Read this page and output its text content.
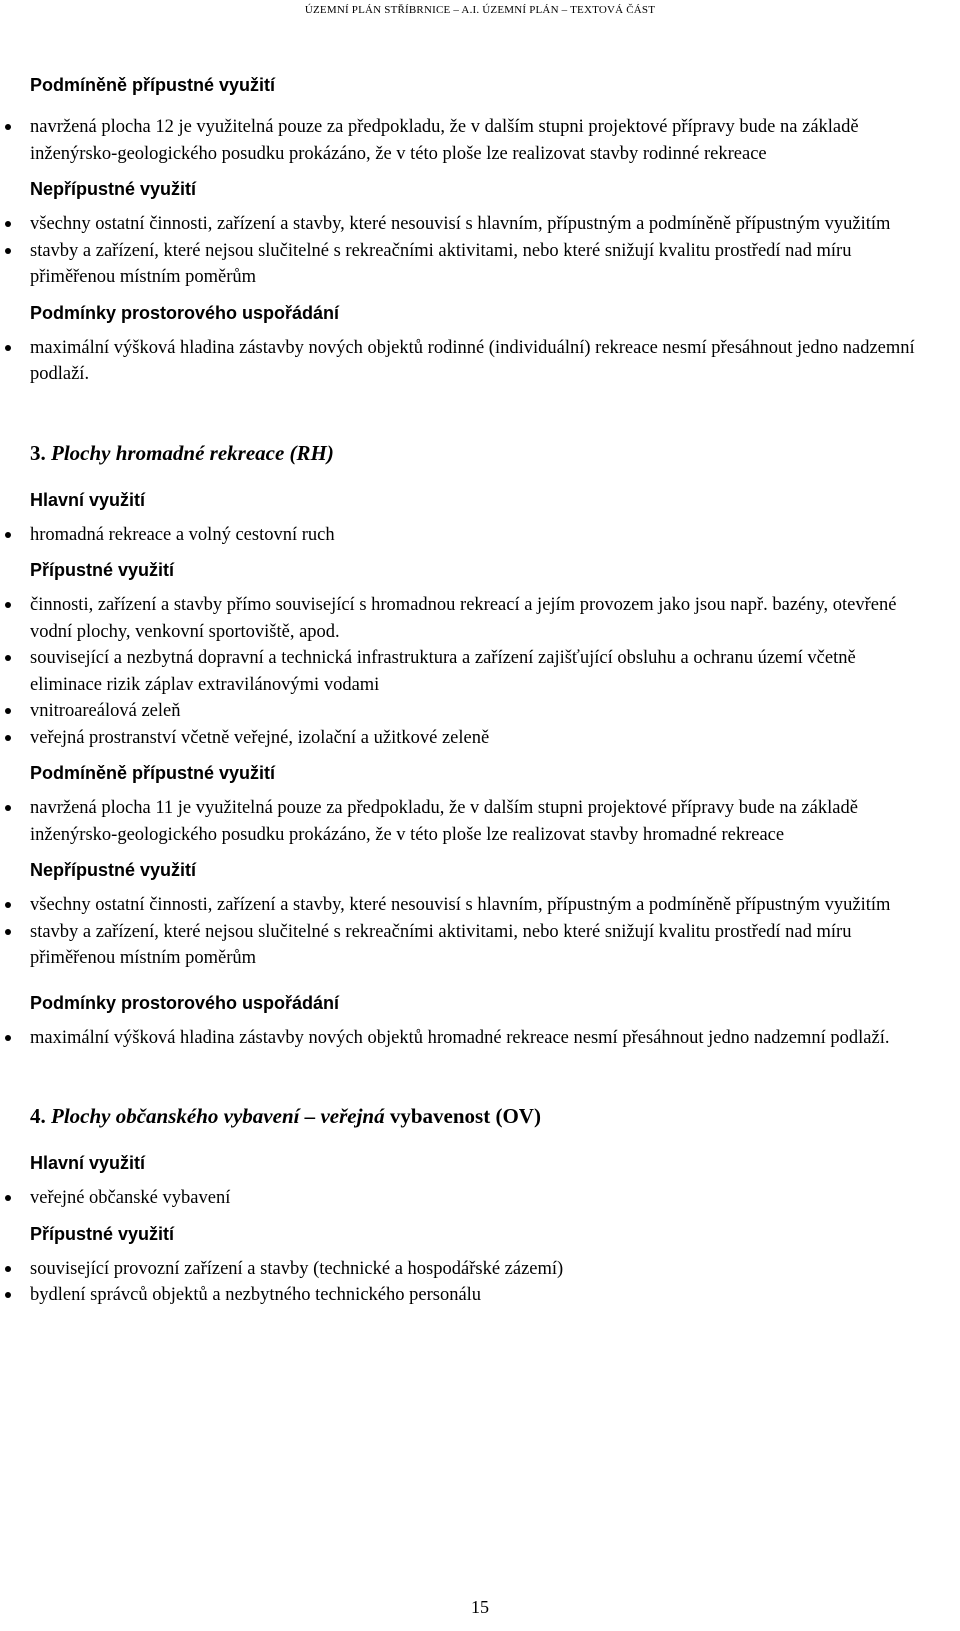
ÚZEMNÍ PLÁN STŘÍBRNICE – A.I. ÚZEMNÍ PLÁN – TEXTOVÁ ČÁST

Podmíněně přípustné využití

navržená plocha 12 je využitelná pouze za předpokladu, že v dalším stupni projektové přípravy bude na základě inženýrsko-geologického posudku prokázáno, že v této ploše lze realizovat stavby rodinné rekreace

Nepřípustné využití

všechny ostatní činnosti, zařízení a stavby, které nesouvisí s hlavním, přípustným a podmíněně přípustným využitím
stavby a zařízení, které nejsou slučitelné s rekreačními aktivitami, nebo které snižují kvalitu prostředí nad míru přiměřenou místním poměrům

Podmínky prostorového uspořádání

maximální výšková hladina zástavby nových objektů rodinné (individuální) rekreace nesmí přesáhnout jedno nadzemní podlaží.

3. Plochy hromadné rekreace (RH)

Hlavní využití

hromadná rekreace a volný cestovní ruch

Přípustné využití

činnosti, zařízení a stavby přímo související s hromadnou rekreací a jejím provozem jako jsou např. bazény, otevřené vodní plochy, venkovní sportoviště, apod.
související a nezbytná dopravní a technická infrastruktura a zařízení zajišťující obsluhu a ochranu území včetně eliminace rizik záplav extravilánovými vodami
vnitroareálová zeleň
veřejná prostranství včetně veřejné, izolační a užitkové zeleně

Podmíněně přípustné využití

navržená plocha 11 je využitelná pouze za předpokladu, že v dalším stupni projektové přípravy bude na základě inženýrsko-geologického posudku prokázáno, že v této ploše lze realizovat stavby hromadné rekreace

Nepřípustné využití

všechny ostatní činnosti, zařízení a stavby, které nesouvisí s hlavním, přípustným a podmíněně přípustným využitím
stavby a zařízení, které nejsou slučitelné s rekreačními aktivitami, nebo které snižují kvalitu prostředí nad míru přiměřenou místním poměrům

Podmínky prostorového uspořádání

maximální výšková hladina zástavby nových objektů hromadné rekreace nesmí přesáhnout jedno nadzemní podlaží.

4. Plochy občanského vybavení – veřejná vybavenost (OV)

Hlavní využití

veřejné občanské vybavení

Přípustné využití

související provozní zařízení a stavby (technické a hospodářské zázemí)
bydlení správců objektů a nezbytného technického personálu
15
